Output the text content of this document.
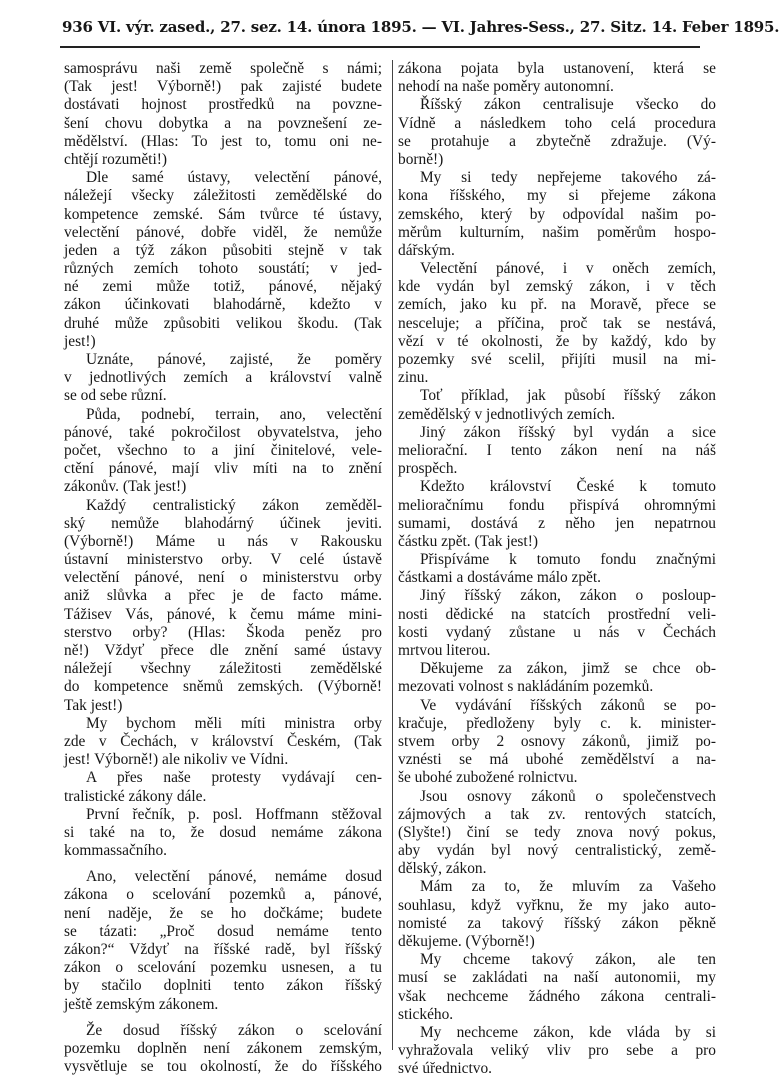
936 VI. výr. zased., 27. sez. 14. února 1895. — VI. Jahres-Sess., 27. Sitz. 14. Feber 1895.
samosprávu naši země společně s námi;
(Tak jest! Výborně!) pak zajisté budete
dostávati hojnost prostředků na povzne-
šení chovu dobytka a na povznešení ze-
mědělství. (Hlas: To jest to, tomu oni ne-
chtějí rozuměti!)
Dle samé ústavy, velectění pánové,
náležejí všecky záležitosti zemědělské do
kompetence zemské. Sám tvůrce té ústavy,
velectění pánové, dobře viděl, že nemůže
jeden a týž zákon působiti stejně v tak
různých zemích tohoto soustátí; v jed-
né zemi může totiž, pánové, nějaký
zákon účinkovati blahodárně, kdežto v
druhé může způsobiti velikou škodu. (Tak
jest!)
Uznáte, pánové, zajisté, že poměry
v jednotlivých zemích a království valně
se od sebe různí.
Půda, podnebí, terrain, ano, velectění
pánové, také pokročilost obyvatelstva, jeho
počet, všechno to a jiní činitelové, vele-
ctění pánové, mají vliv míti na to znění
zákonův. (Tak jest!)
Každý centralistický zákon zeměděl-
ský nemůže blahodárný účinek jeviti.
(Výborně!) Máme u nás v Rakousku
ústavní ministerstvo orby. V celé ústavě
velectění pánové, není o ministerstvu orby
aniž slůvka a přec je de facto máme.
Tážisev Vás, pánové, k čemu máme mini-
sterstvo orby? (Hlas: Škoda peněz pro
ně!) Vždyť přece dle znění samé ústavy
náležejí všechny záležitosti zemědělské
do kompetence sněmů zemských. (Výborně!
Tak jest!)
My bychom měli míti ministra orby
zde v Čechách, v království Českém, (Tak
jest! Výborně!) ale nikoliv ve Vídni.
A přes naše protesty vydávají cen-
tralistické zákony dále.
První řečník, p. posl. Hoffmann stěžoval
si také na to, že dosud nemáme zákona
kommassačního.
Ano, velectění pánové, nemáme dosud
zákona o scelování pozemků a, pánové,
není naděje, že se ho dočkáme; budete
se tázati: „Proč dosud nemáme tento
zákon?“ Vždyť na říšské radě, byl říšský
zákon o scelování pozemku usnesen, a tu
by stačilo doplniti tento zákon říšský
ještě zemským zákonem.
Že dosud říšský zákon o scelování
pozemku doplněn není zákonem zemským,
vysvětluje se tou okolností, že do říšského
zákona pojata byla ustanovení, která se
nehodí na naše poměry autonomní.
Říšský zákon centralisuje všecko do
Vídně a následkem toho celá procedura
se protahuje a zbytečně zdražuje. (Vý-
borně!)
My si tedy nepřejeme takového zá-
kona říšského, my si přejeme zákona
zemského, který by odpovídal našim po-
měrům kulturním, našim poměrům hospo-
dářským.
Velectění pánové, i v oněch zemích,
kde vydán byl zemský zákon, i v těch
zemích, jako ku př. na Moravě, přece se
nesceluje; a příčina, proč tak se nestává,
vězí v té okolnosti, že by každý, kdo by
pozemky své scelil, přijíti musil na mi-
zinu.
Toť příklad, jak působí říšský zákon
zemědělský v jednotlivých zemích.
Jiný zákon říšský byl vydán a sice
meliorační. I tento zákon není na náš
prospěch.
Kdežto království České k tomuto
melioračnímu fondu přispívá ohromnými
sumami, dostává z něho jen nepatrnou
částku zpět. (Tak jest!)
Přispíváme k tomuto fondu značnými
částkami a dostáváme málo zpět.
Jiný říšský zákon, zákon o posloup-
nosti dědické na statcích prostřední veli-
kosti vydaný zůstane u nás v Čechách
mrtvou literou.
Děkujeme za zákon, jimž se chce ob-
mezovati volnost s nakládáním pozemků.
Ve vydávání říšských zákonů se po-
kračuje, předloženy byly c. k. minister-
stvem orby 2 osnovy zákonů, jimiž po-
vznésti se má ubohé zemědělství a na-
še ubohé zubožené rolnictvu.
Jsou osnovy zákonů o společenstvech
zájmových a tak zv. rentových statcích,
(Slyšte!) činí se tedy znova nový pokus,
aby vydán byl nový centralistický, země-
dělský, zákon.
Mám za to, že mluvím za Vašeho
souhlasu, když vyřknu, že my jako auto-
nomisté za takový říšský zákon pěkně
děkujeme. (Výborně!)
My chceme takový zákon, ale ten
musí se zakládati na naší autonomii, my
však nechceme žádného zákona centrali-
stického.
My nechceme zákon, kde vláda by si
vyhražovala veliký vliv pro sebe a pro
své úřednictvo.
